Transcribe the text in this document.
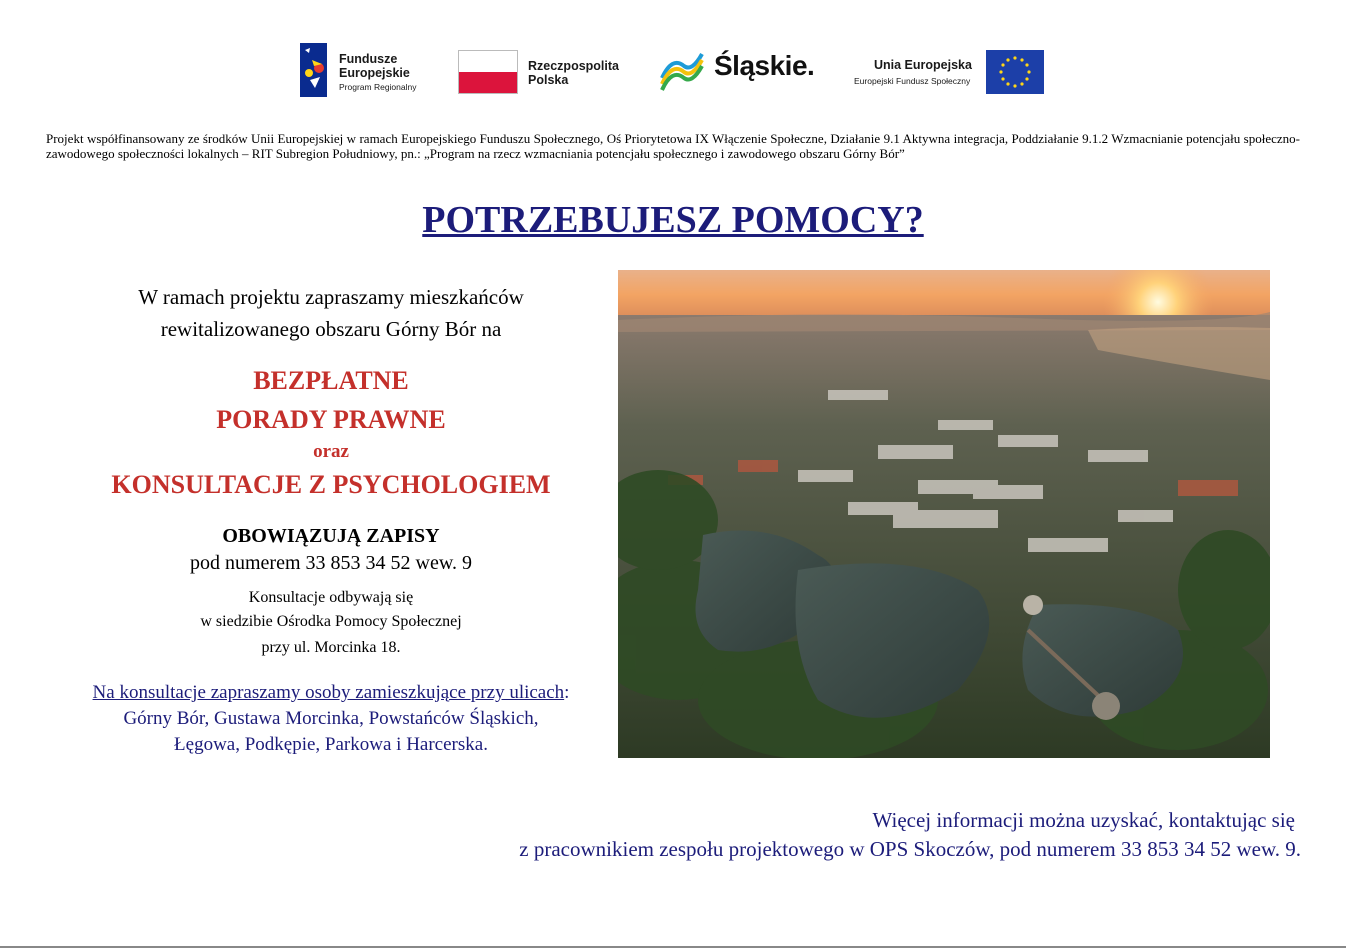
Fundusze
Europejskie
Program Regionalny
Rzeczpospolita
Polska	Śląskie.	Unia Europejska
Europejski Fundusz Społeczny
Projekt współfinansowany ze środków Unii Europejskiej w ramach Europejskiego Funduszu Społecznego, Oś Priorytetowa IX Włączenie Społeczne, Działanie 9.1 Aktywna integracja, Poddziałanie 9.1.2 Wzmacnianie potencjału społeczno-zawodowego społeczności lokalnych – RIT Subregion Południowy, pn.: „Program na rzecz wzmacniania potencjału społecznego i zawodowego obszaru Górny Bór”
POTRZEBUJESZ POMOCY?
W ramach projektu zapraszamy mieszkańców
rewitalizowanego obszaru Górny Bór na
BEZPŁATNE
PORADY PRAWNE
oraz
KONSULTACJE Z PSYCHOLOGIEM
OBOWIĄZUJĄ ZAPISY
pod numerem 33 853 34 52 wew. 9
Konsultacje odbywają się
w siedzibie Ośrodka Pomocy Społecznej
przy ul. Morcinka 18.
Na konsultacje zapraszamy osoby zamieszkujące przy ulicach:
Górny Bór, Gustawa Morcinka, Powstańców Śląskich,
Łęgowa, Podkępie, Parkowa i Harcerska.
Więcej informacji można uzyskać, kontaktując się
z pracownikiem zespołu projektowego w OPS Skoczów, pod numerem 33 853 34 52 wew. 9.
